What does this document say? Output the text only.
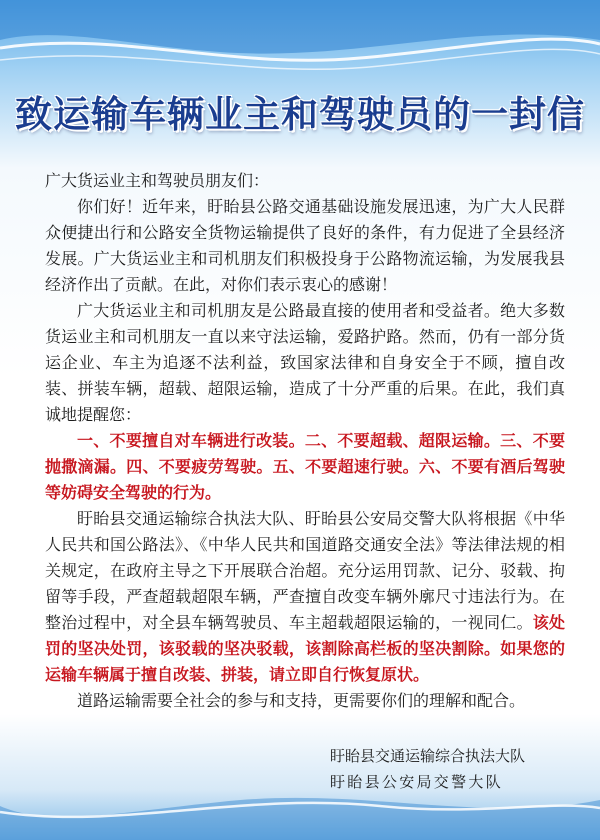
致运输车辆业主和驾驶员的一封信

广大货运业主和驾驶员朋友们：

你们好！近年来，盱眙县公路交通基础设施发展迅速，为广大人民群众便捷出行和公路安全货物运输提供了良好的条件，有力促进了全县经济发展。广大货运业主和司机朋友们积极投身于公路物流运输，为发展我县经济作出了贡献。在此，对你们表示衷心的感谢！

广大货运业主和司机朋友是公路最直接的使用者和受益者。绝大多数货运业主和司机朋友一直以来守法运输，爱路护路。然而，仍有一部分货运企业、车主为追逐不法利益，致国家法律和自身安全于不顾，擅自改装、拼装车辆，超载、超限运输，造成了十分严重的后果。在此，我们真诚地提醒您：

一、不要擅自对车辆进行改装。二、不要超载、超限运输。三、不要抛撒滴漏。四、不要疲劳驾驶。五、不要超速行驶。六、不要有酒后驾驶等妨碍安全驾驶的行为。

盱眙县交通运输综合执法大队、盱眙县公安局交警大队将根据《中华人民共和国公路法》、《中华人民共和国道路交通安全法》等法律法规的相关规定，在政府主导之下开展联合治超。充分运用罚款、记分、驳载、拘留等手段，严查超载超限车辆，严查擅自改变车辆外廓尺寸违法行为。在整治过程中，对全县车辆驾驶员、车主超载超限运输的，一视同仁。该处罚的坚决处罚，该驳载的坚决驳载，该割除高栏板的坚决割除。如果您的运输车辆属于擅自改装、拼装，请立即自行恢复原状。

道路运输需要全社会的参与和支持，更需要你们的理解和配合。

盱眙县交通运输综合执法大队
盱眙县公安局交警大队
